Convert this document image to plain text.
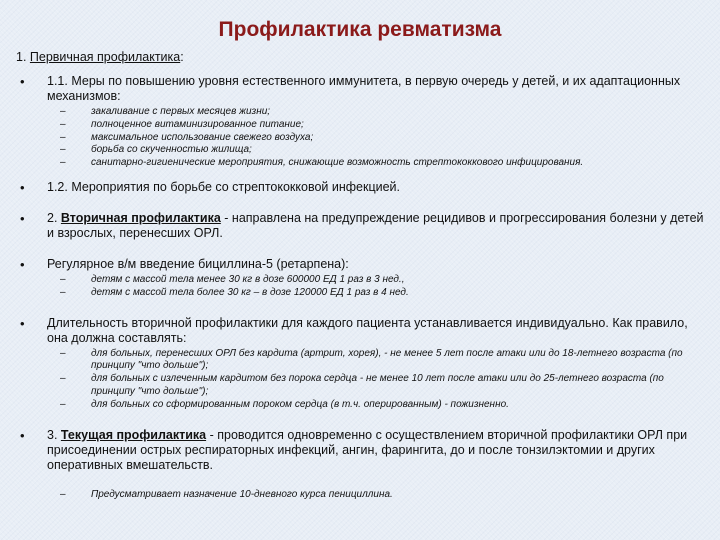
Профилактика ревматизма
1. Первичная профилактика:
• 1.1. Меры по повышению уровня естественного иммунитета, в первую очередь у детей, и их адаптационных механизмов:
– закаливание с первых месяцев жизни;
– полноценное витаминизированное питание;
– максимальное использование свежего воздуха;
– борьба со скученностью жилища;
– санитарно-гигиенические мероприятия, снижающие возможность стрептококкового инфицирования.
• 1.2. Мероприятия по борьбе со стрептококковой инфекцией.
• 2. Вторичная профилактика - направлена на предупреждение рецидивов и прогрессирования болезни у детей и взрослых, перенесших ОРЛ.
• Регулярное в/м введение бициллина-5 (ретарпена):
– детям с массой тела менее 30 кг в дозе 600000 ЕД 1 раз в 3 нед.,
– детям с массой тела более 30 кг – в дозе 120000 ЕД 1 раз в 4 нед.
• Длительность вторичной профилактики для каждого пациента устанавливается индивидуально. Как правило, она должна составлять:
– для больных, перенесших ОРЛ без кардита (артрит, хорея), - не менее 5 лет после атаки или до 18-летнего возраста (по принципу "что дольше");
– для больных с излеченным кардитом без порока сердца - не менее 10 лет после атаки или до 25-летнего возраста (по принципу "что дольше");
– для больных со сформированным пороком сердца (в т.ч. оперированным) - пожизненно.
• 3. Текущая профилактика - проводится одновременно с осуществлением вторичной профилактики ОРЛ при присоединении острых респираторных инфекций, ангин, фарингита, до и после тонзилэктомии и других оперативных вмешательств.
– Предусматривает назначение 10-дневного курса пенициллина.
